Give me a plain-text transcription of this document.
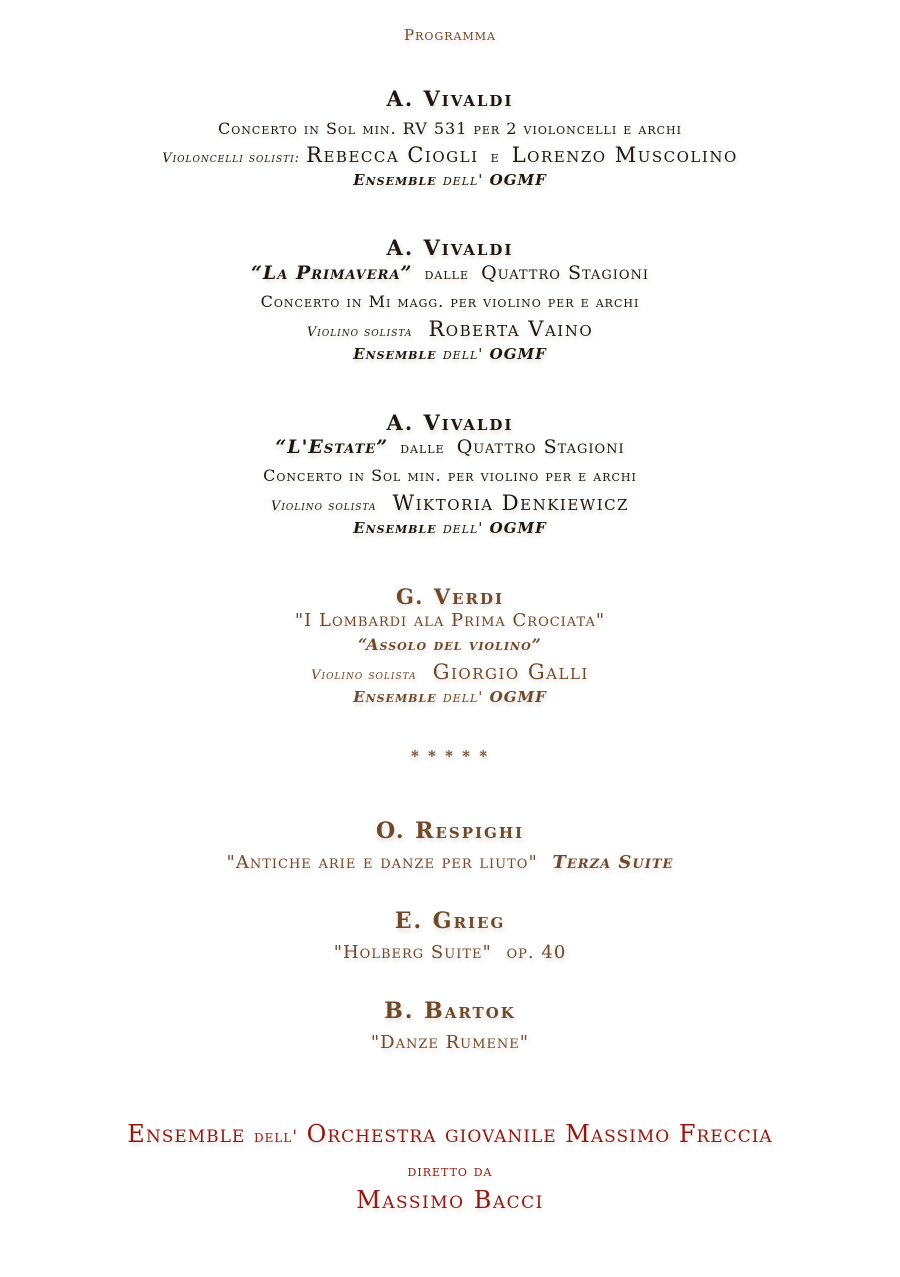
Programma
A. Vivaldi
Concerto in Sol min. RV 531 per 2 violoncelli e archi
Violoncelli solisti: Rebecca Ciogli e Lorenzo Muscolino
Ensemble dell' OGMF
A. Vivaldi
“La Primavera” dalle Quattro Stagioni
Concerto in Mi magg. per violino per e archi
Violino solista Roberta Vaino
Ensemble dell' OGMF
A. Vivaldi
“L'Estate” dalle Quattro Stagioni
Concerto in Sol min. per violino per e archi
Violino solista Wiktoria Denkiewicz
Ensemble dell' OGMF
G. Verdi
"I Lombardi ala Prima Crociata"
“Assolo del violino”
Violino solista Giorgio Galli
Ensemble dell' OGMF
* * * * *
O. Respighi
"Antiche arie e danze per liuto" Terza Suite
E. Grieg
"Holberg Suite" op. 40
B. Bartok
"Danze Rumene"
Ensemble dell' Orchestra giovanile Massimo Freccia
diretto da
Massimo Bacci
